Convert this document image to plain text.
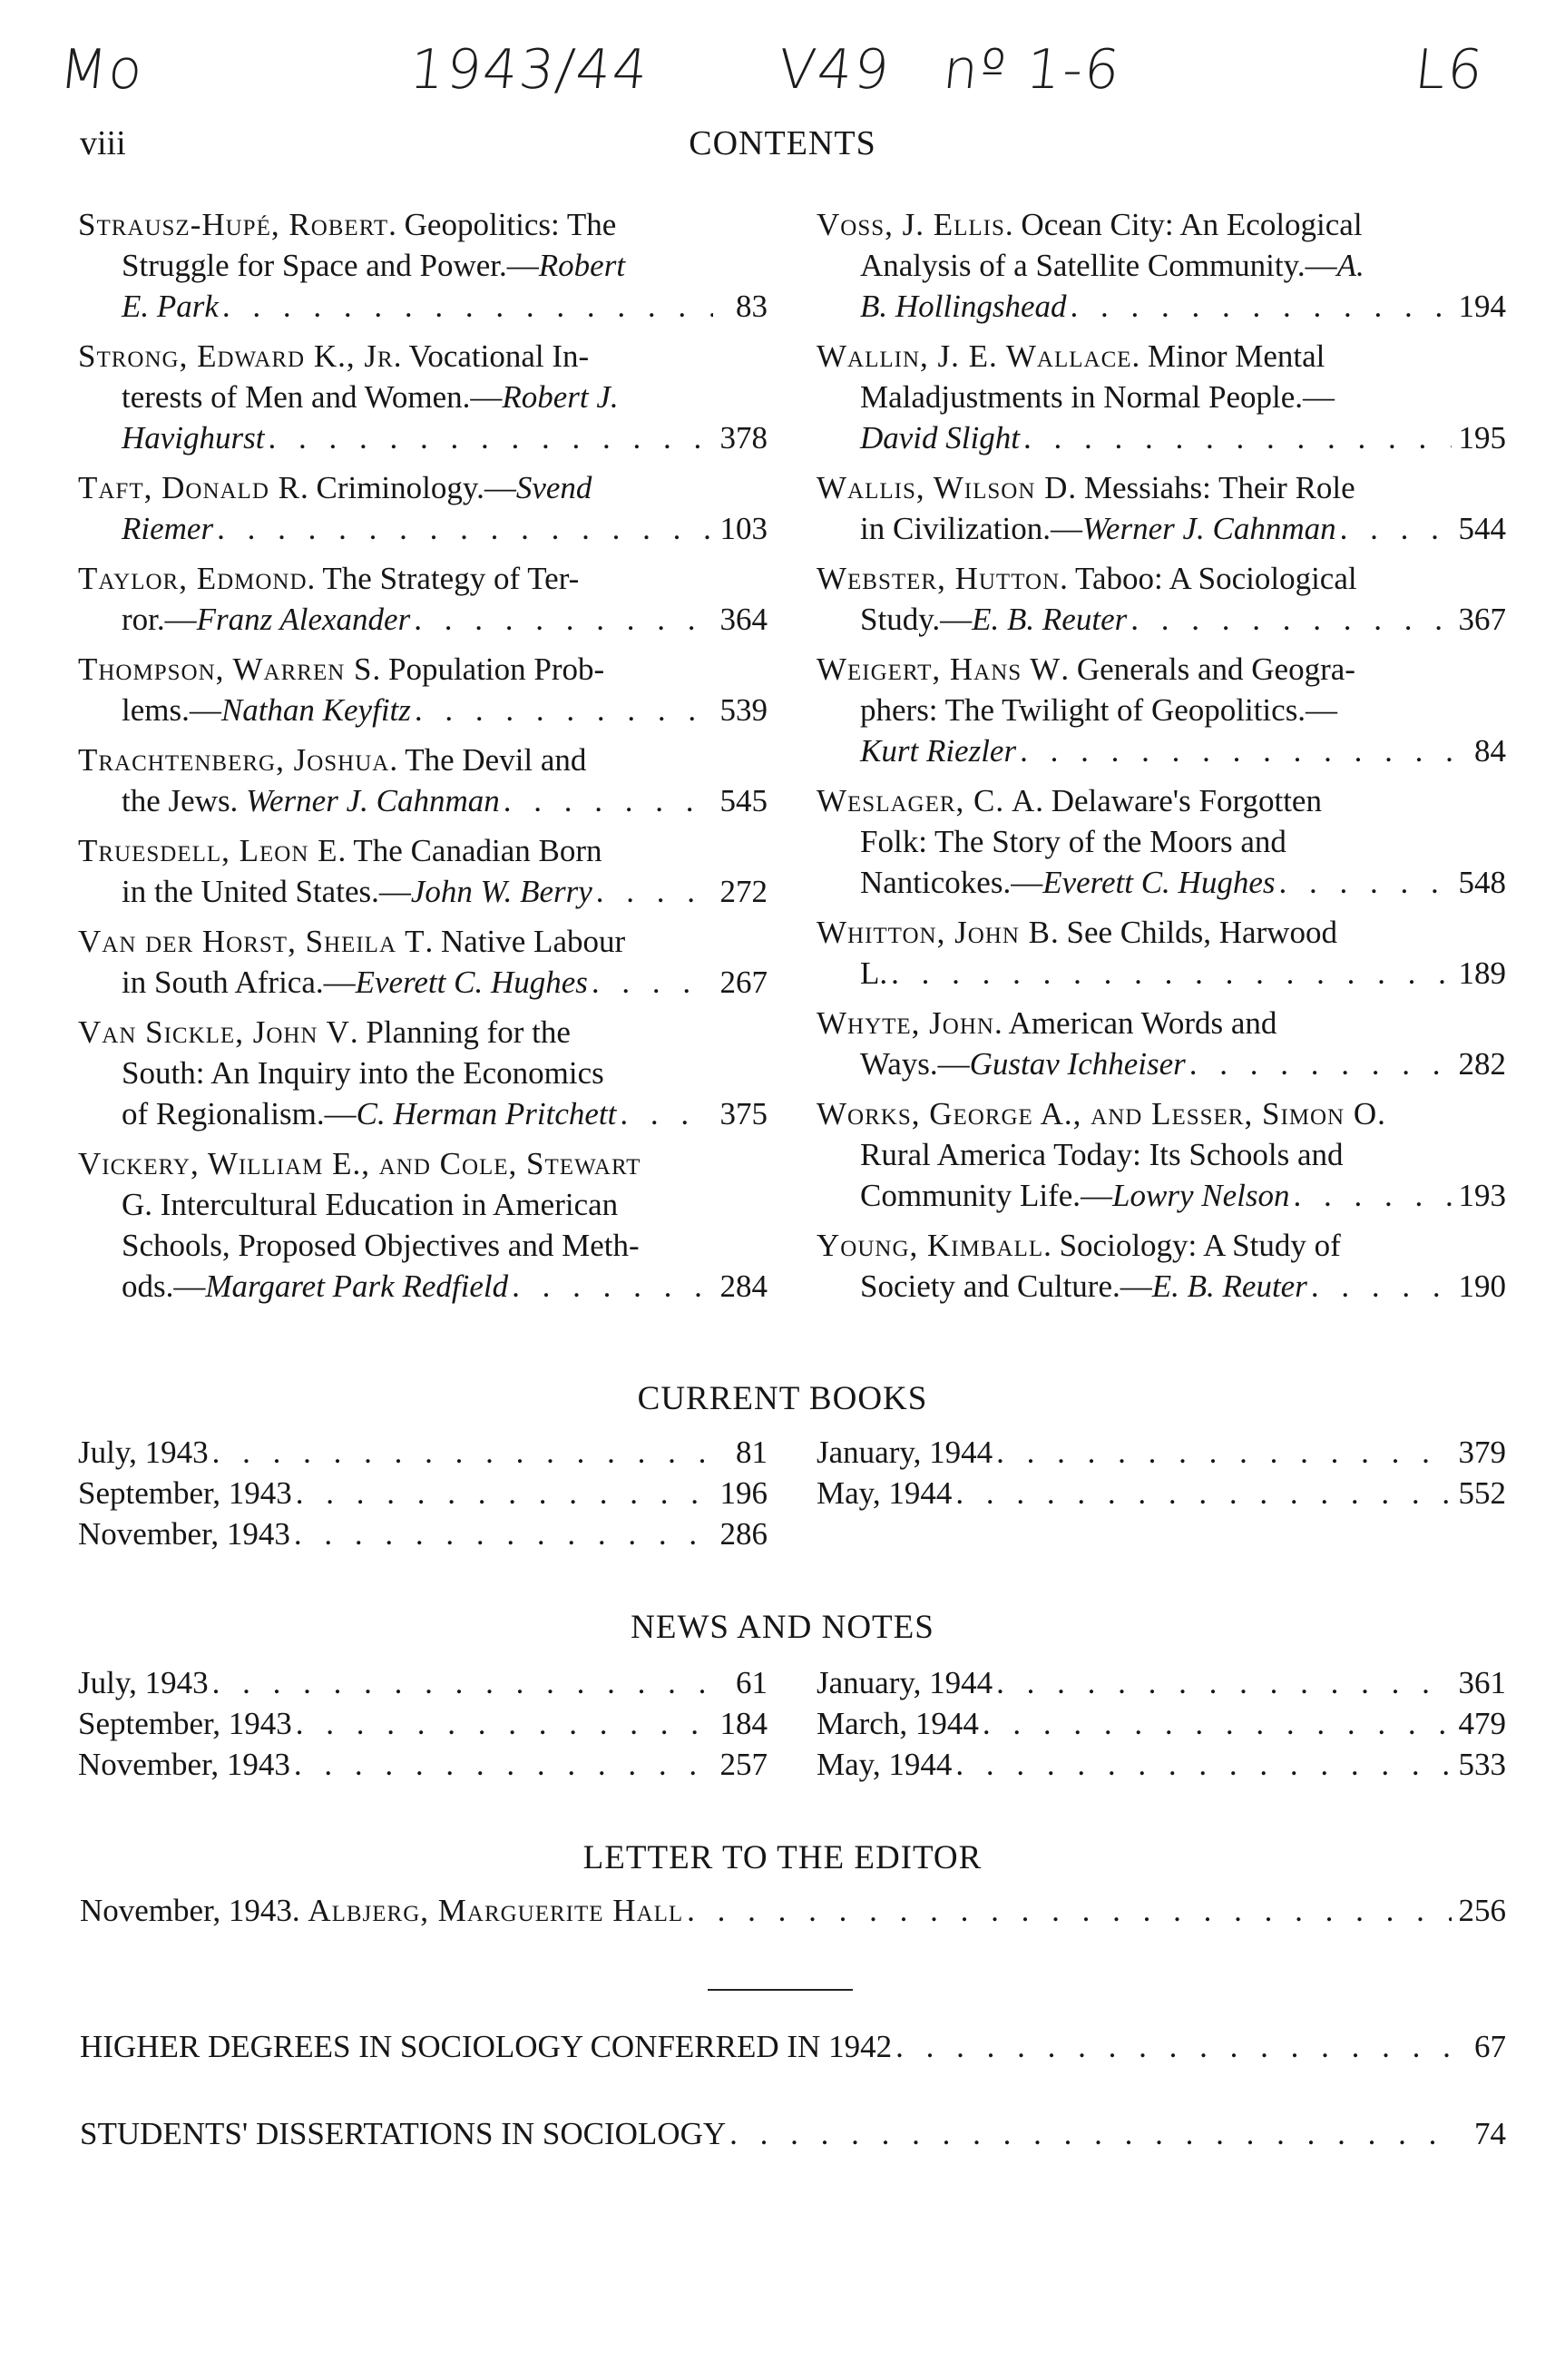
Mo	1943/44 V49 nº 1-6	L6
viii	CONTENTS
Strausz-Hupé, Robert. Geopolitics: The
Struggle for Space and Power.—Robert
E. Park . . .	83
Strong, Edward K., Jr. Vocational In-
terests of Men and Women.—Robert J.
Havighurst . . .	378
Taft, Donald R. Criminology.—Svend
Riemer . . .	103
Taylor, Edmond. The Strategy of Ter-
ror.—Franz Alexander . . .	364
Thompson, Warren S. Population Prob-
lems.—Nathan Keyfitz . . .	539
Trachtenberg, Joshua. The Devil and
the Jews. Werner J. Cahnman . . .	545
Truesdell, Leon E. The Canadian Born
in the United States.—John W. Berry . . .	272
Van der Horst, Sheila T. Native Labour
in South Africa.—Everett C. Hughes . . .	267
Van Sickle, John V. Planning for the
South: An Inquiry into the Economics
of Regionalism.—C. Herman Pritchett . . .	375
Vickery, William E., and Cole, Stewart
G. Intercultural Education in American
Schools, Proposed Objectives and Meth-
ods.—Margaret Park Redfield . . .	284
Voss, J. Ellis. Ocean City: An Ecological
Analysis of a Satellite Community.—A.
B. Hollingshead . . .	194
Wallin, J. E. Wallace. Minor Mental
Maladjustments in Normal People.—
David Slight . . .	195
Wallis, Wilson D. Messiahs: Their Role
in Civilization.—Werner J. Cahnman . . .	544
Webster, Hutton. Taboo: A Sociological
Study.—E. B. Reuter . . .	367
Weigert, Hans W. Generals and Geogra-
phers: The Twilight of Geopolitics.—
Kurt Riezler . . .	84
Weslager, C. A. Delaware's Forgotten
Folk: The Story of the Moors and
Nanticokes.—Everett C. Hughes . . .	548
Whitton, John B. See Childs, Harwood
L. . . .	189
Whyte, John. American Words and
Ways.—Gustav Ichheiser . . .	282
Works, George A., and Lesser, Simon O.
Rural America Today: Its Schools and
Community Life.—Lowry Nelson . . .	193
Young, Kimball. Sociology: A Study of
Society and Culture.—E. B. Reuter . . .	190
CURRENT BOOKS
July, 1943 . . .	81
September, 1943 . . .	196
November, 1943 . . .	286
January, 1944 . . .	379
May, 1944 . . .	552
NEWS AND NOTES
July, 1943 . . .	61
September, 1943 . . .	184
November, 1943 . . .	257
January, 1944 . . .	361
March, 1944 . . .	479
May, 1944 . . .	533
LETTER TO THE EDITOR
November, 1943. Albjerg, Marguerite Hall . . .	256
HIGHER DEGREES IN SOCIOLOGY CONFERRED IN 1942 . . .	67
STUDENTS' DISSERTATIONS IN SOCIOLOGY . . .	74
